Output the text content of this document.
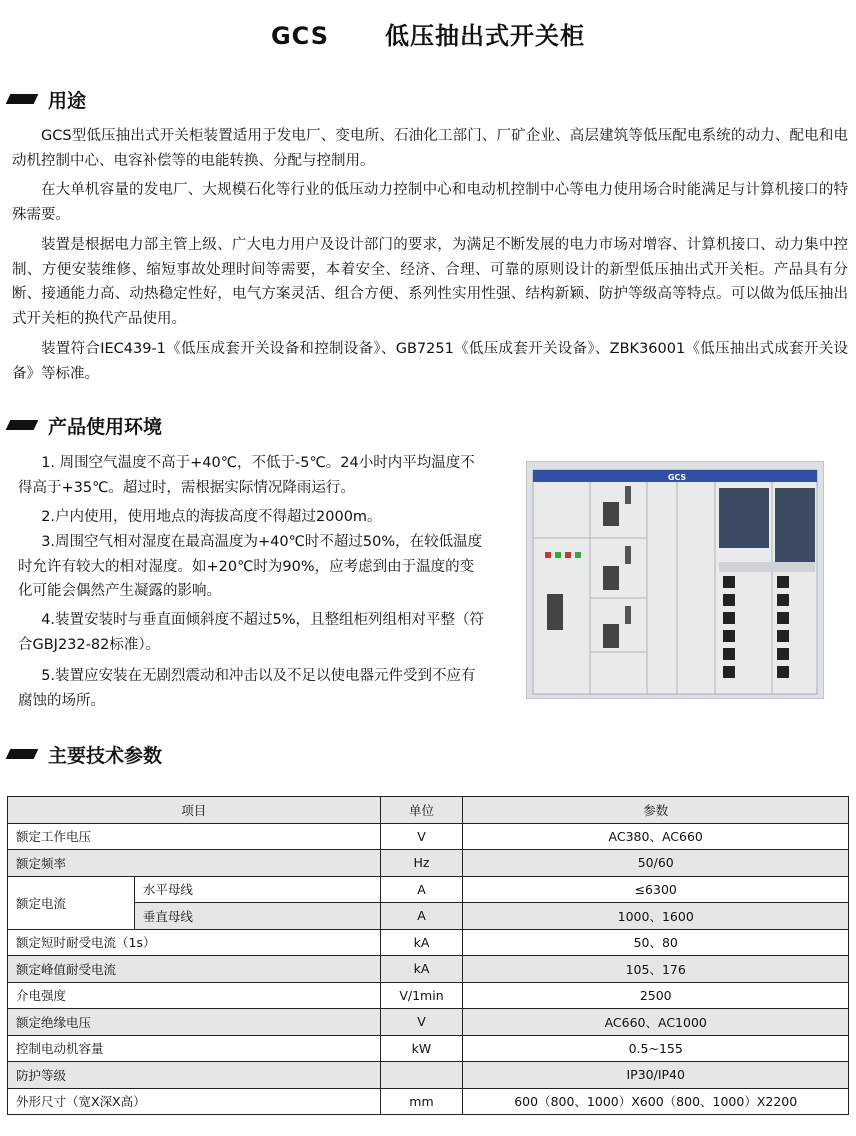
GCS 低压抽出式开关柜
用途

GCS型低压抽出式开关柜装置适用于发电厂、变电所、石油化工部门、厂矿企业、高层建筑等低压配电系统的动力、配电和电动机控制中心、电容补偿等的电能转换、分配与控制用。

在大单机容量的发电厂、大规模石化等行业的低压动力控制中心和电动机控制中心等电力使用场合时能满足与计算机接口的特殊需要。

装置是根据电力部主管上级、广大电力用户及设计部门的要求，为满足不断发展的电力市场对增容、计算机接口、动力集中控制、方便安装维修、缩短事故处理时间等需要，本着安全、经济、合理、可靠的原则设计的新型低压抽出式开关柜。产品具有分断、接通能力高、动热稳定性好，电气方案灵活、组合方便、系列性实用性强、结构新颖、防护等级高等特点。可以做为低压抽出式开关柜的换代产品使用。

装置符合IEC439-1《低压成套开关设备和控制设备》、GB7251《低压成套开关设备》、ZBK36001《低压抽出式成套开关设备》等标准。

产品使用环境

1. 周围空气温度不高于+40℃，不低于-5℃。24小时内平均温度不得高于+35℃。超过时，需根据实际情况降雨运行。

2.户内使用，使用地点的海拔高度不得超过2000m。

3.周围空气相对湿度在最高温度为+40℃时不超过50%，在较低温度时允许有较大的相对湿度。如+20℃时为90%，应考虑到由于温度的变化可能会偶然产生凝露的影响。

4.装置安装时与垂直面倾斜度不超过5%，且整组柜列组相对平整（符合GBJ232-82标准）。

5.装置应安装在无剧烈震动和冲击以及不足以使电器元件受到不应有腐蚀的场所。

GCS
主要技术参数
项目		单位	参数
额定工作电压		V	AC380、AC660
额定频率		Hz	50/60
额定电流	水平母线	A	≤6300
	垂直母线	A	1000、1600
额定短时耐受电流（1s）		kA	50、80
额定峰值耐受电流		kA	105、176
介电强度		V/1min	2500
额定绝缘电压		V	AC660、AC1000
控制电动机容量		kW	0.5~155
防护等级			IP30/IP40
外形尺寸（宽X深X高）		mm	600（800、1000）X600（800、1000）X2200
